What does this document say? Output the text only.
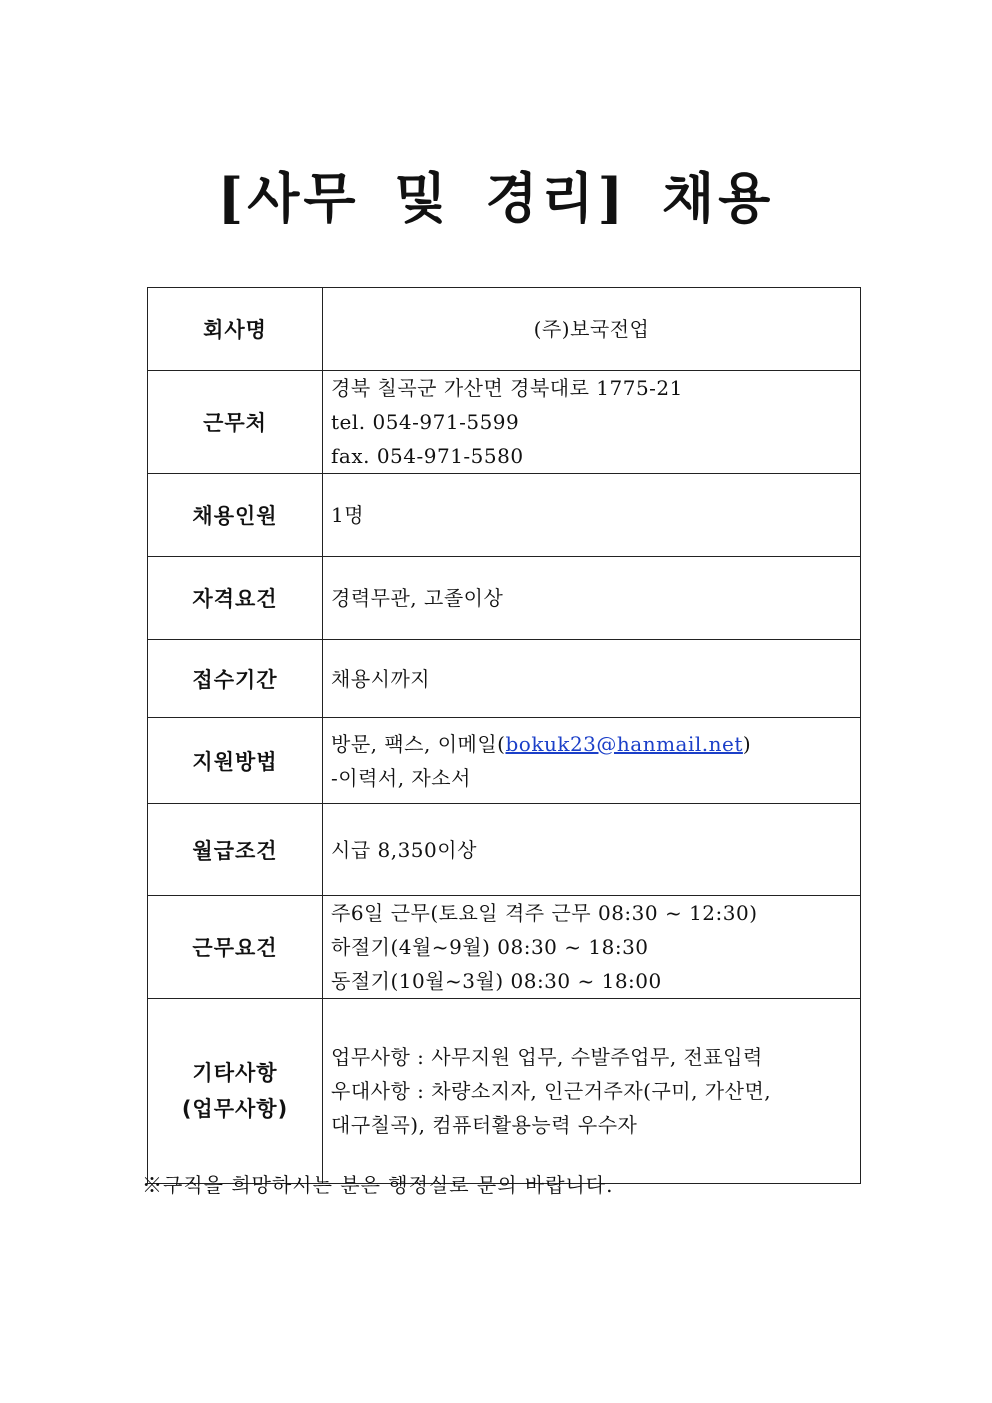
[사무 및 경리] 채용
회사명	(주)보국전업

근무처	경북 칠곡군 가산면 경북대로 1775-21
tel. 054-971-5599
fax. 054-971-5580

채용인원	1명

자격요건	경력무관, 고졸이상

접수기간	채용시까지

지원방법	방문, 팩스, 이메일(bokuk23@hanmail.net)
-이력서, 자소서

월급조건	시급 8,350이상

근무요건	주6일 근무(토요일 격주 근무 08:30 ~ 12:30)
하절기(4월~9월) 08:30 ~ 18:30
동절기(10월~3월) 08:30 ~ 18:00

기타사항
(업무사항)	업무사항 : 사무지원 업무, 수발주업무, 전표입력
우대사항 : 차량소지자, 인근거주자(구미, 가산면,
대구칠곡), 컴퓨터활용능력 우수자
※구직을 희망하시는 분은 행정실로 문의 바랍니다.
